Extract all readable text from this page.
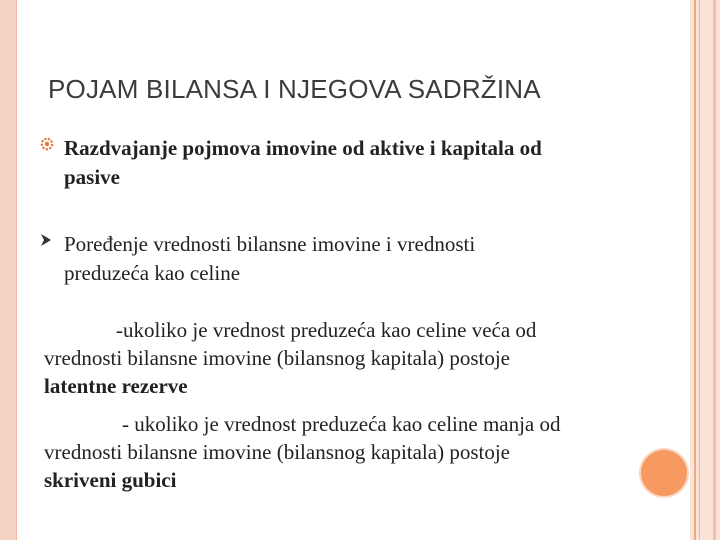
POJAM BILANSA I NJEGOVA SADRŽINA
Razdvajanje pojmova imovine od aktive i kapitala od
pasive
Poređenje vrednosti bilansne imovine i vrednosti
preduzeća kao celine
-ukoliko je vrednost preduzeća kao celine veća od
vrednosti bilansne imovine (bilansnog kapitala) postoje
latentne rezerve
- ukoliko je vrednost preduzeća kao celine manja od
vrednosti bilansne imovine (bilansnog kapitala) postoje
skriveni gubici
